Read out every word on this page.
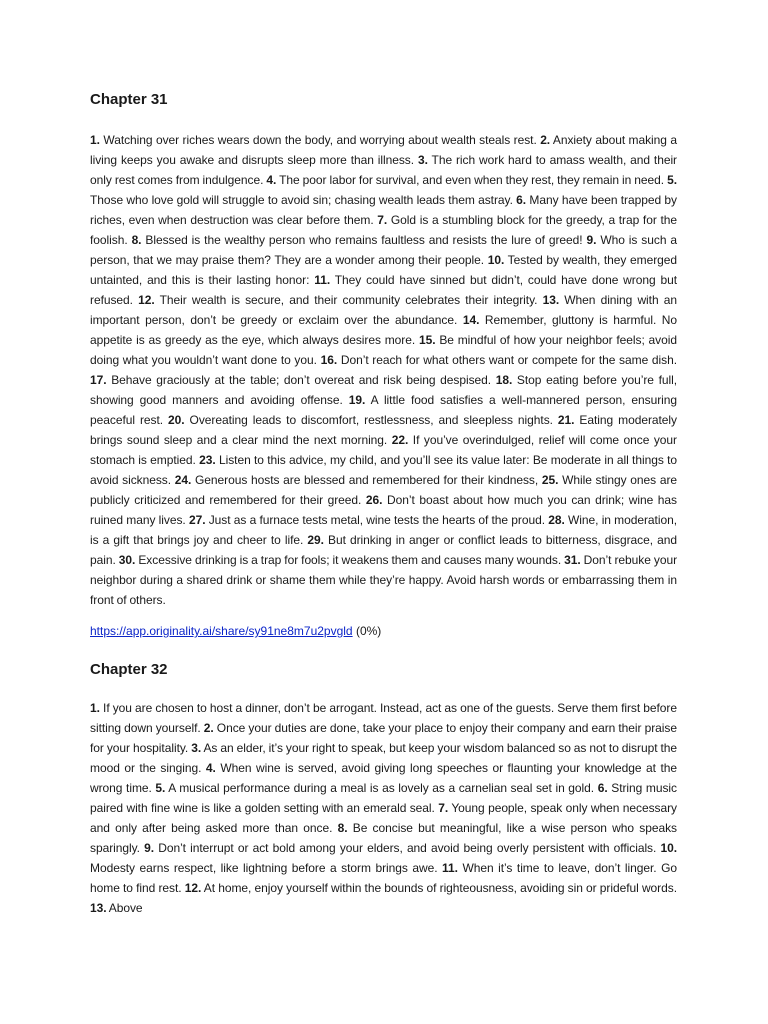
Chapter 31

1. Watching over riches wears down the body, and worrying about wealth steals rest. 2. Anxiety about making a living keeps you awake and disrupts sleep more than illness. 3. The rich work hard to amass wealth, and their only rest comes from indulgence. 4. The poor labor for survival, and even when they rest, they remain in need. 5. Those who love gold will struggle to avoid sin; chasing wealth leads them astray. 6. Many have been trapped by riches, even when destruction was clear before them. 7. Gold is a stumbling block for the greedy, a trap for the foolish. 8. Blessed is the wealthy person who remains faultless and resists the lure of greed! 9. Who is such a person, that we may praise them? They are a wonder among their people. 10. Tested by wealth, they emerged untainted, and this is their lasting honor: 11. They could have sinned but didn’t, could have done wrong but refused. 12. Their wealth is secure, and their community celebrates their integrity. 13. When dining with an important person, don’t be greedy or exclaim over the abundance. 14. Remember, gluttony is harmful. No appetite is as greedy as the eye, which always desires more. 15. Be mindful of how your neighbor feels; avoid doing what you wouldn’t want done to you. 16. Don’t reach for what others want or compete for the same dish. 17. Behave graciously at the table; don’t overeat and risk being despised. 18. Stop eating before you’re full, showing good manners and avoiding offense. 19. A little food satisfies a well-mannered person, ensuring peaceful rest. 20. Overeating leads to discomfort, restlessness, and sleepless nights. 21. Eating moderately brings sound sleep and a clear mind the next morning. 22. If you’ve overindulged, relief will come once your stomach is emptied. 23. Listen to this advice, my child, and you’ll see its value later: Be moderate in all things to avoid sickness. 24. Generous hosts are blessed and remembered for their kindness, 25. While stingy ones are publicly criticized and remembered for their greed. 26. Don’t boast about how much you can drink; wine has ruined many lives. 27. Just as a furnace tests metal, wine tests the hearts of the proud. 28. Wine, in moderation, is a gift that brings joy and cheer to life. 29. But drinking in anger or conflict leads to bitterness, disgrace, and pain. 30. Excessive drinking is a trap for fools; it weakens them and causes many wounds. 31. Don’t rebuke your neighbor during a shared drink or shame them while they’re happy. Avoid harsh words or embarrassing them in front of others.

https://app.originality.ai/share/sy91ne8m7u2pvgld (0%)
Chapter 32

1. If you are chosen to host a dinner, don’t be arrogant. Instead, act as one of the guests. Serve them first before sitting down yourself. 2. Once your duties are done, take your place to enjoy their company and earn their praise for your hospitality. 3. As an elder, it’s your right to speak, but keep your wisdom balanced so as not to disrupt the mood or the singing. 4. When wine is served, avoid giving long speeches or flaunting your knowledge at the wrong time. 5. A musical performance during a meal is as lovely as a carnelian seal set in gold. 6. String music paired with fine wine is like a golden setting with an emerald seal. 7. Young people, speak only when necessary and only after being asked more than once. 8. Be concise but meaningful, like a wise person who speaks sparingly. 9. Don’t interrupt or act bold among your elders, and avoid being overly persistent with officials. 10. Modesty earns respect, like lightning before a storm brings awe. 11. When it’s time to leave, don’t linger. Go home to find rest. 12. At home, enjoy yourself within the bounds of righteousness, avoiding sin or prideful words. 13. Above
